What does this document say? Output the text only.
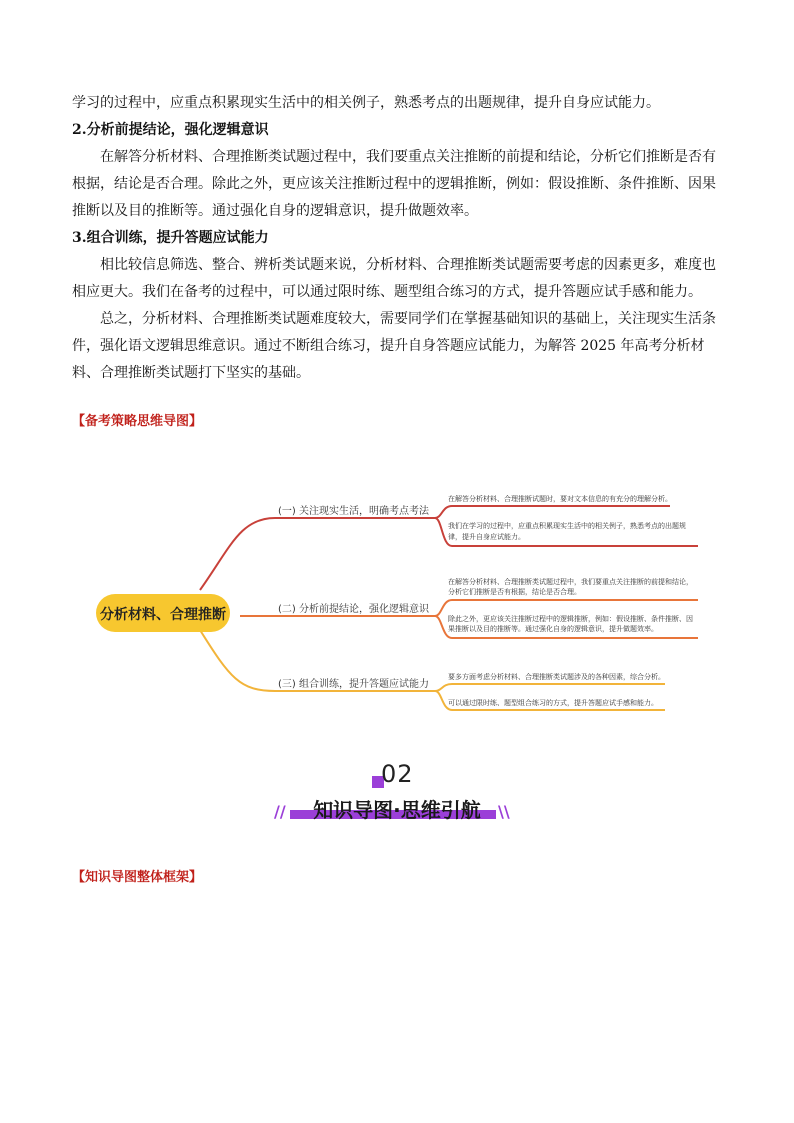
学习的过程中，应重点积累现实生活中的相关例子，熟悉考点的出题规律，提升自身应试能力。

2.分析前提结论，强化逻辑意识

在解答分析材料、合理推断类试题过程中，我们要重点关注推断的前提和结论，分析它们推断是否有根据，结论是否合理。除此之外，更应该关注推断过程中的逻辑推断，例如：假设推断、条件推断、因果推断以及目的推断等。通过强化自身的逻辑意识，提升做题效率。

3.组合训练，提升答题应试能力

相比较信息筛选、整合、辨析类试题来说，分析材料、合理推断类试题需要考虑的因素更多，难度也相应更大。我们在备考的过程中，可以通过限时练、题型组合练习的方式，提升答题应试手感和能力。

总之，分析材料、合理推断类试题难度较大，需要同学们在掌握基础知识的基础上，关注现实生活条件，强化语文逻辑思维意识。通过不断组合练习，提升自身答题应试能力，为解答 2025 年高考分析材料、合理推断类试题打下坚实的基础。

【备考策略思维导图】

分析材料、合理推断
(一) 关注现实生活，明确考点考法
(二) 分析前提结论，强化逻辑意识
(三) 组合训练，提升答题应试能力
在解答分析材料、合理推断试题时，要对文本信息的有充分的理解分析。
我们在学习的过程中，应重点积累现实生活中的相关例子，熟悉考点的出题规
律，提升自身应试能力。
在解答分析材料、合理推断类试题过程中，我们要重点关注推断的前提和结论，
分析它们推断是否有根据，结论是否合理。
除此之外，更应该关注推断过程中的逻辑推断，例如：假设推断、条件推断、因
果推断以及目的推断等。通过强化自身的逻辑意识，提升做题效率。
要多方面考虑分析材料、合理推断类试题涉及的各种因素，综合分析。
可以通过限时练、题型组合练习的方式，提升答题应试手感和能力。
02
//	知识导图·思维引航	\\

【知识导图整体框架】
